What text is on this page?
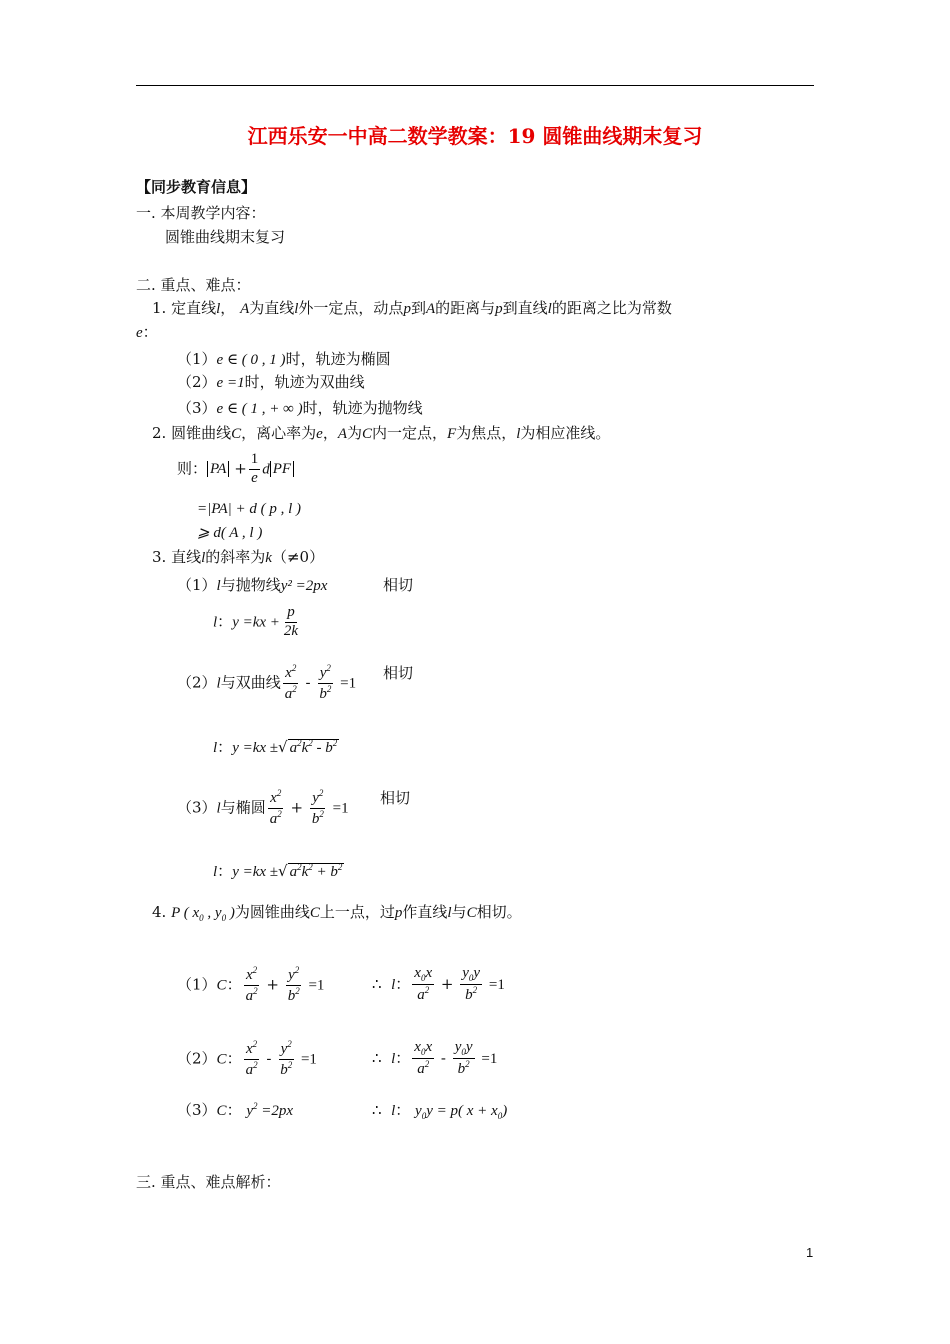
江西乐安一中高二数学教案：19 圆锥曲线期末复习
【同步教育信息】
一. 本周教学内容：
圆锥曲线期末复习
二. 重点、难点：
1. 定直线l， A为直线l外一定点，动点p到A的距离与p到直线l的距离之比为常数
e：
（1）e ∈ ( 0 , 1 )时，轨迹为椭圆
（2）e =1时，轨迹为双曲线
（3）e ∈ ( 1 , + ∞ )时，轨迹为抛物线
2. 圆锥曲线C，离心率为e，A为C内一定点，F为焦点，l为相应准线。
则： PA + $\frac{1}{e}$ d PF
=|PA| + d ( p , l )
⩾ d( A , l )
3. 直线l的斜率为k（≠0）
（1）l与抛物线y² =2px	相切
l：$y =kx + \frac{p}{2k}$
（2）l与双曲线 $\frac{x^2}{a^2} - \frac{y^2}{b^2} =1$
相切
l：y =kx ±√ $a^2k^2 - b^2$
（3）l与椭圆 $\frac{x^2}{a^2} + \frac{y^2}{b^2} =1$
相切
l：y =kx ±√ $a^2k^2 + b^2$
4. P ( $x_0$ , $y_0$ )为圆锥曲线C上一点，过p作直线l与C相切。
（1）C： $\frac{x^2}{a^2} + \frac{y^2}{b^2} =1$	∴ l： $\frac{x_0x}{a^2} + \frac{y_0y}{b^2} =1$
（2）C： $\frac{x^2}{a^2} - \frac{y^2}{b^2} =1$	∴ l： $\frac{x_0x}{a^2} - \frac{y_0y}{b^2} =1$
（3）C： $y^2 =2px$	∴ l： $y_0y = p$( $x + x_0$)
三. 重点、难点解析：
1
